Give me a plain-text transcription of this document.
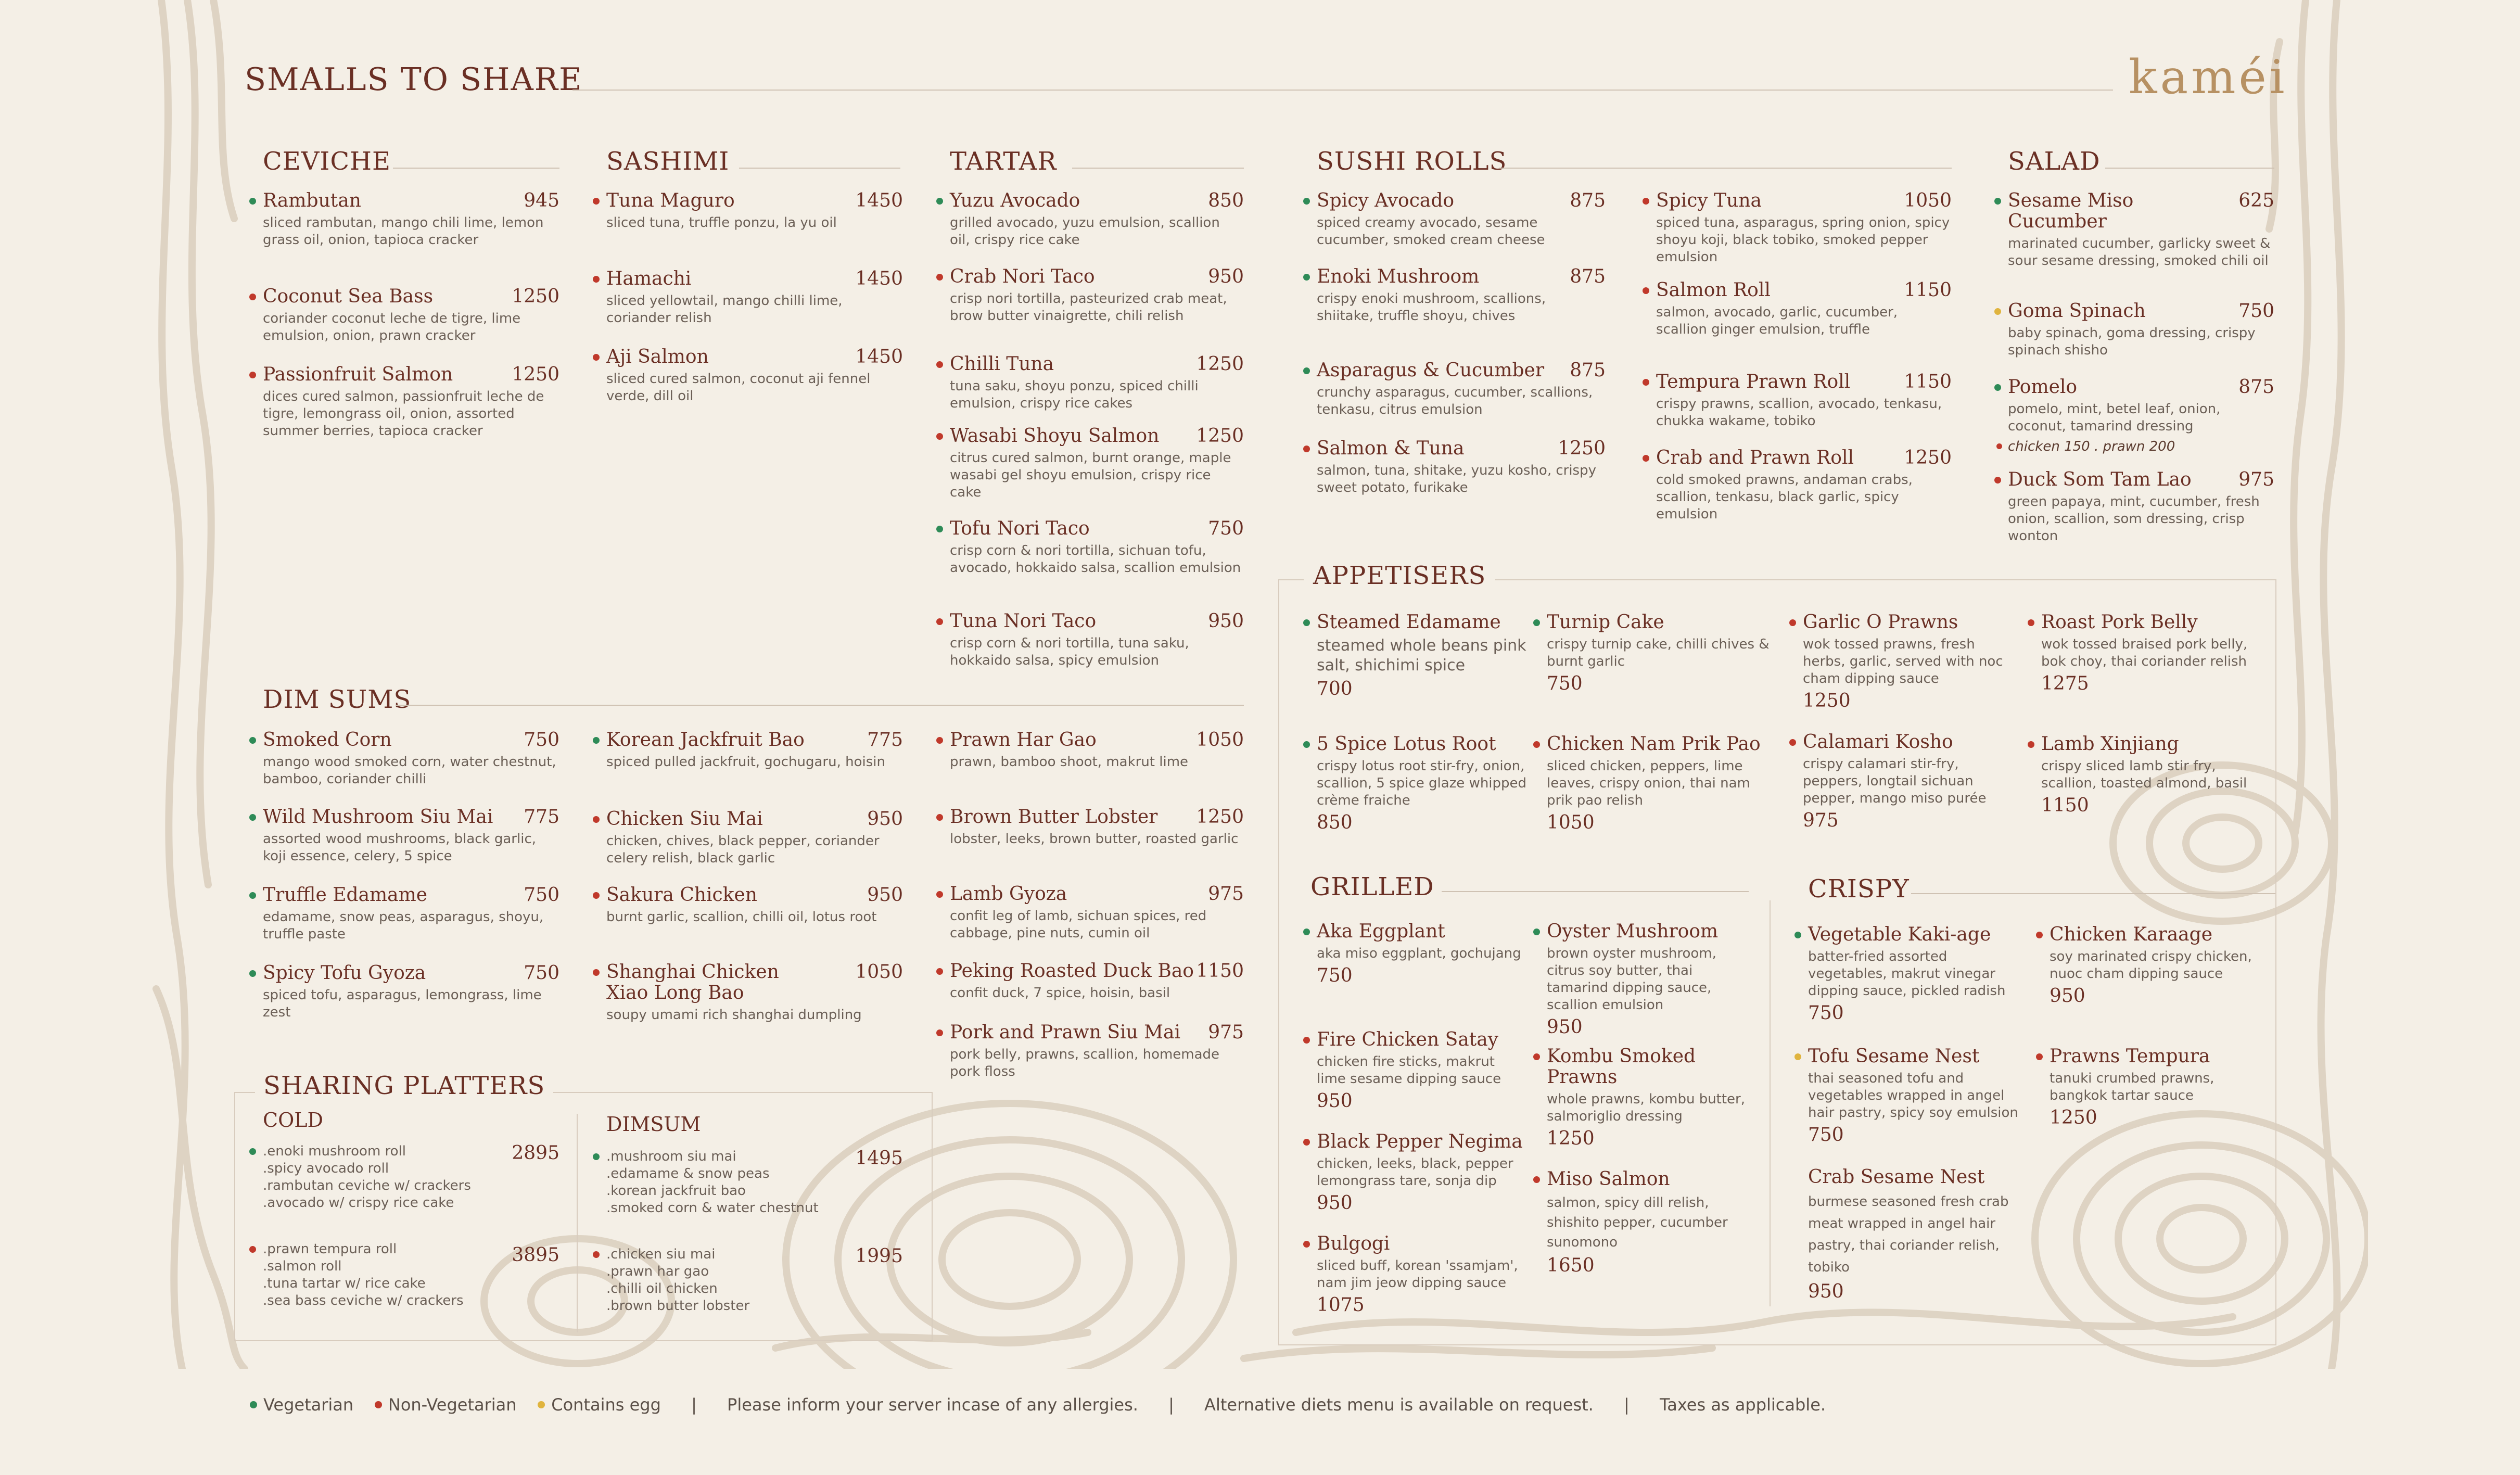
SMALLS TO SHARE	kaméi
CEVICHE
Rambutan	945
sliced rambutan, mango chili lime, lemon grass oil, onion, tapioca cracker
Coconut Sea Bass	1250
coriander coconut leche de tigre, lime emulsion, onion, prawn cracker
Passionfruit Salmon	1250
dices cured salmon, passionfruit leche de tigre, lemongrass oil, onion, assorted summer berries, tapioca cracker
SASHIMI
Tuna Maguro	1450
sliced tuna, truffle ponzu, la yu oil
Hamachi	1450
sliced yellowtail, mango chilli lime, coriander relish
Aji Salmon	1450
sliced cured salmon, coconut aji fennel verde, dill oil
TARTAR
Yuzu Avocado	850
grilled avocado, yuzu emulsion, scallion oil, crispy rice cake
Crab Nori Taco	950
crisp nori tortilla, pasteurized crab meat, brow butter vinaigrette, chili relish
Chilli Tuna	1250
tuna saku, shoyu ponzu, spiced chilli emulsion, crispy rice cakes
Wasabi Shoyu Salmon	1250
citrus cured salmon, burnt orange, maple wasabi gel shoyu emulsion, crispy rice cake
Tofu Nori Taco	750
crisp corn & nori tortilla, sichuan tofu, avocado, hokkaido salsa, scallion emulsion
Tuna Nori Taco	950
crisp corn & nori tortilla, tuna saku, hokkaido salsa, spicy emulsion
SUSHI ROLLS
Spicy Avocado	875
spiced creamy avocado, sesame cucumber, smoked cream cheese
Enoki Mushroom	875
crispy enoki mushroom, scallions, shiitake, truffle shoyu, chives
Asparagus & Cucumber	875
crunchy asparagus, cucumber, scallions, tenkasu, citrus emulsion
Salmon & Tuna	1250
salmon, tuna, shitake, yuzu kosho, crispy sweet potato, furikake
Spicy Tuna	1050
spiced tuna, asparagus, spring onion, spicy shoyu koji, black tobiko, smoked pepper emulsion
Salmon Roll	1150
salmon, avocado, garlic, cucumber, scallion ginger emulsion, truffle
Tempura Prawn Roll	1150
crispy prawns, scallion, avocado, tenkasu, chukka wakame, tobiko
Crab and Prawn Roll	1250
cold smoked prawns, andaman crabs, scallion, tenkasu, black garlic, spicy emulsion
SALAD
Sesame Miso Cucumber
625
marinated cucumber, garlicky sweet & sour sesame dressing, smoked chili oil
Goma Spinach	750
baby spinach, goma dressing, crispy spinach shisho
Pomelo	875
pomelo, mint, betel leaf, onion, coconut, tamarind dressing
chicken 150 . prawn 200
Duck Som Tam Lao	975
green papaya, mint, cucumber, fresh onion, scallion, som dressing, crisp wonton
APPETISERS
Steamed Edamame
steamed whole beans pink salt, shichimi spice
700
Turnip Cake
crispy turnip cake, chilli chives & burnt garlic
750
Garlic O Prawns
wok tossed prawns, fresh herbs, garlic, served with noc cham dipping sauce
1250
Roast Pork Belly
wok tossed braised pork belly, bok choy, thai coriander relish
1275
5 Spice Lotus Root
crispy lotus root stir-fry, onion, scallion, 5 spice glaze whipped crème fraiche
850
Chicken Nam Prik Pao
sliced chicken, peppers, lime leaves, crispy onion, thai nam prik pao relish
1050
Calamari Kosho
crispy calamari stir-fry, peppers, longtail sichuan pepper, mango miso purée
975
Lamb Xinjiang
crispy sliced lamb stir fry, scallion, toasted almond, basil
1150
GRILLED
Aka Eggplant
aka miso eggplant, gochujang
750
Oyster Mushroom
brown oyster mushroom, citrus soy butter, thai tamarind dipping sauce, scallion emulsion
950
Fire Chicken Satay
chicken fire sticks, makrut lime sesame dipping sauce
950
Kombu Smoked Prawns
whole prawns, kombu butter, salmoriglio dressing
1250
Black Pepper Negima
chicken, leeks, black, pepper lemongrass tare, sonja dip
950
Miso Salmon
salmon, spicy dill relish, shishito pepper, cucumber sunomono
1650
Bulgogi
sliced buff, korean 'ssamjam', nam jim jeow dipping sauce
1075
CRISPY
Vegetable Kaki-age
batter-fried assorted vegetables, makrut vinegar dipping sauce, pickled radish
750
Chicken Karaage
soy marinated crispy chicken, nuoc cham dipping sauce
950
Tofu Sesame Nest
thai seasoned tofu and vegetables wrapped in angel hair pastry, spicy soy emulsion
750
Prawns Tempura
tanuki crumbed prawns, bangkok tartar sauce
1250
Crab Sesame Nest
burmese seasoned fresh crab meat wrapped in angel hair pastry, thai coriander relish, tobiko
950
DIM SUMS
Smoked Corn	750
mango wood smoked corn, water chestnut, bamboo, coriander chilli
Wild Mushroom Siu Mai	775
assorted wood mushrooms, black garlic, koji essence, celery, 5 spice
Truffle Edamame	750
edamame, snow peas, asparagus, shoyu, truffle paste
Spicy Tofu Gyoza	750
spiced tofu, asparagus, lemongrass, lime zest
Korean Jackfruit Bao	775
spiced pulled jackfruit, gochugaru, hoisin
Chicken Siu Mai	950
chicken, chives, black pepper, coriander celery relish, black garlic
Sakura Chicken	950
burnt garlic, scallion, chilli oil, lotus root
Shanghai Chicken Xiao Long Bao
1050
soupy umami rich shanghai dumpling
Prawn Har Gao	1050
prawn, bamboo shoot, makrut lime
Brown Butter Lobster	1250
lobster, leeks, brown butter, roasted garlic
Lamb Gyoza	975
confit leg of lamb, sichuan spices, red cabbage, pine nuts, cumin oil
Peking Roasted Duck Bao 1150
confit duck, 7 spice, hoisin, basil
Pork and Prawn Siu Mai	975
pork belly, prawns, scallion, homemade pork floss
SHARING PLATTERS
COLD
2895
.enoki mushroom roll
.spicy avocado roll
.rambutan ceviche w/ crackers
.avocado w/ crispy rice cake
3895
.prawn tempura roll
.salmon roll
.tuna tartar w/ rice cake
.sea bass ceviche w/ crackers
DIMSUM
1495
.mushroom siu mai
.edamame & snow peas
.korean jackfruit bao
.smoked corn & water chestnut
1995
.chicken siu mai
.prawn har gao
.chilli oil chicken
.brown butter lobster
Vegetarian Non-Vegetarian Contains egg | Please inform your server incase of any allergies. | Alternative diets menu is available on request. | Taxes as applicable.
